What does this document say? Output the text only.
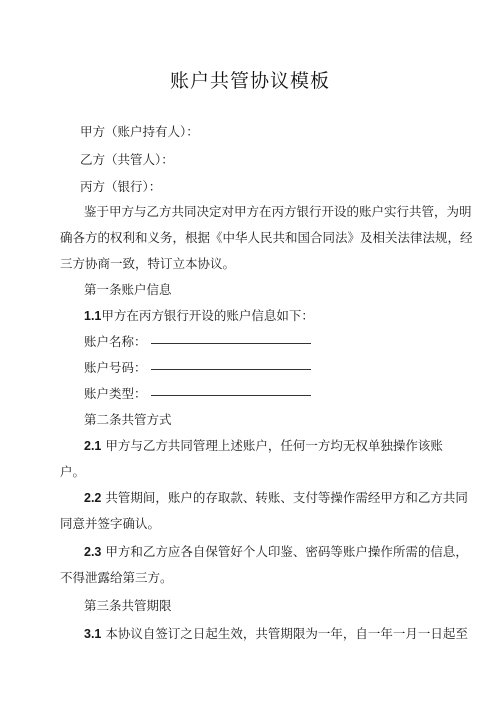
账户共管协议模板
甲方（账户持有人）：
乙方（共管人）：
丙方（银行）：
鉴于甲方与乙方共同决定对甲方在丙方银行开设的账户实行共管，为明
确各方的权利和义务，根据《中华人民共和国合同法》及相关法律法规，经
三方协商一致，特订立本协议。
第一条账户信息
1.1甲方在丙方银行开设的账户信息如下：
账户名称：
账户号码：
账户类型：
第二条共管方式
2.1 甲方与乙方共同管理上述账户，任何一方均无权单独操作该账
户。
2.2 共管期间，账户的存取款、转账、支付等操作需经甲方和乙方共同
同意并签字确认。
2.3 甲方和乙方应各自保管好个人印鉴、密码等账户操作所需的信息，
不得泄露给第三方。
第三条共管期限
3.1 本协议自签订之日起生效，共管期限为一年，自一年一月一日起至
